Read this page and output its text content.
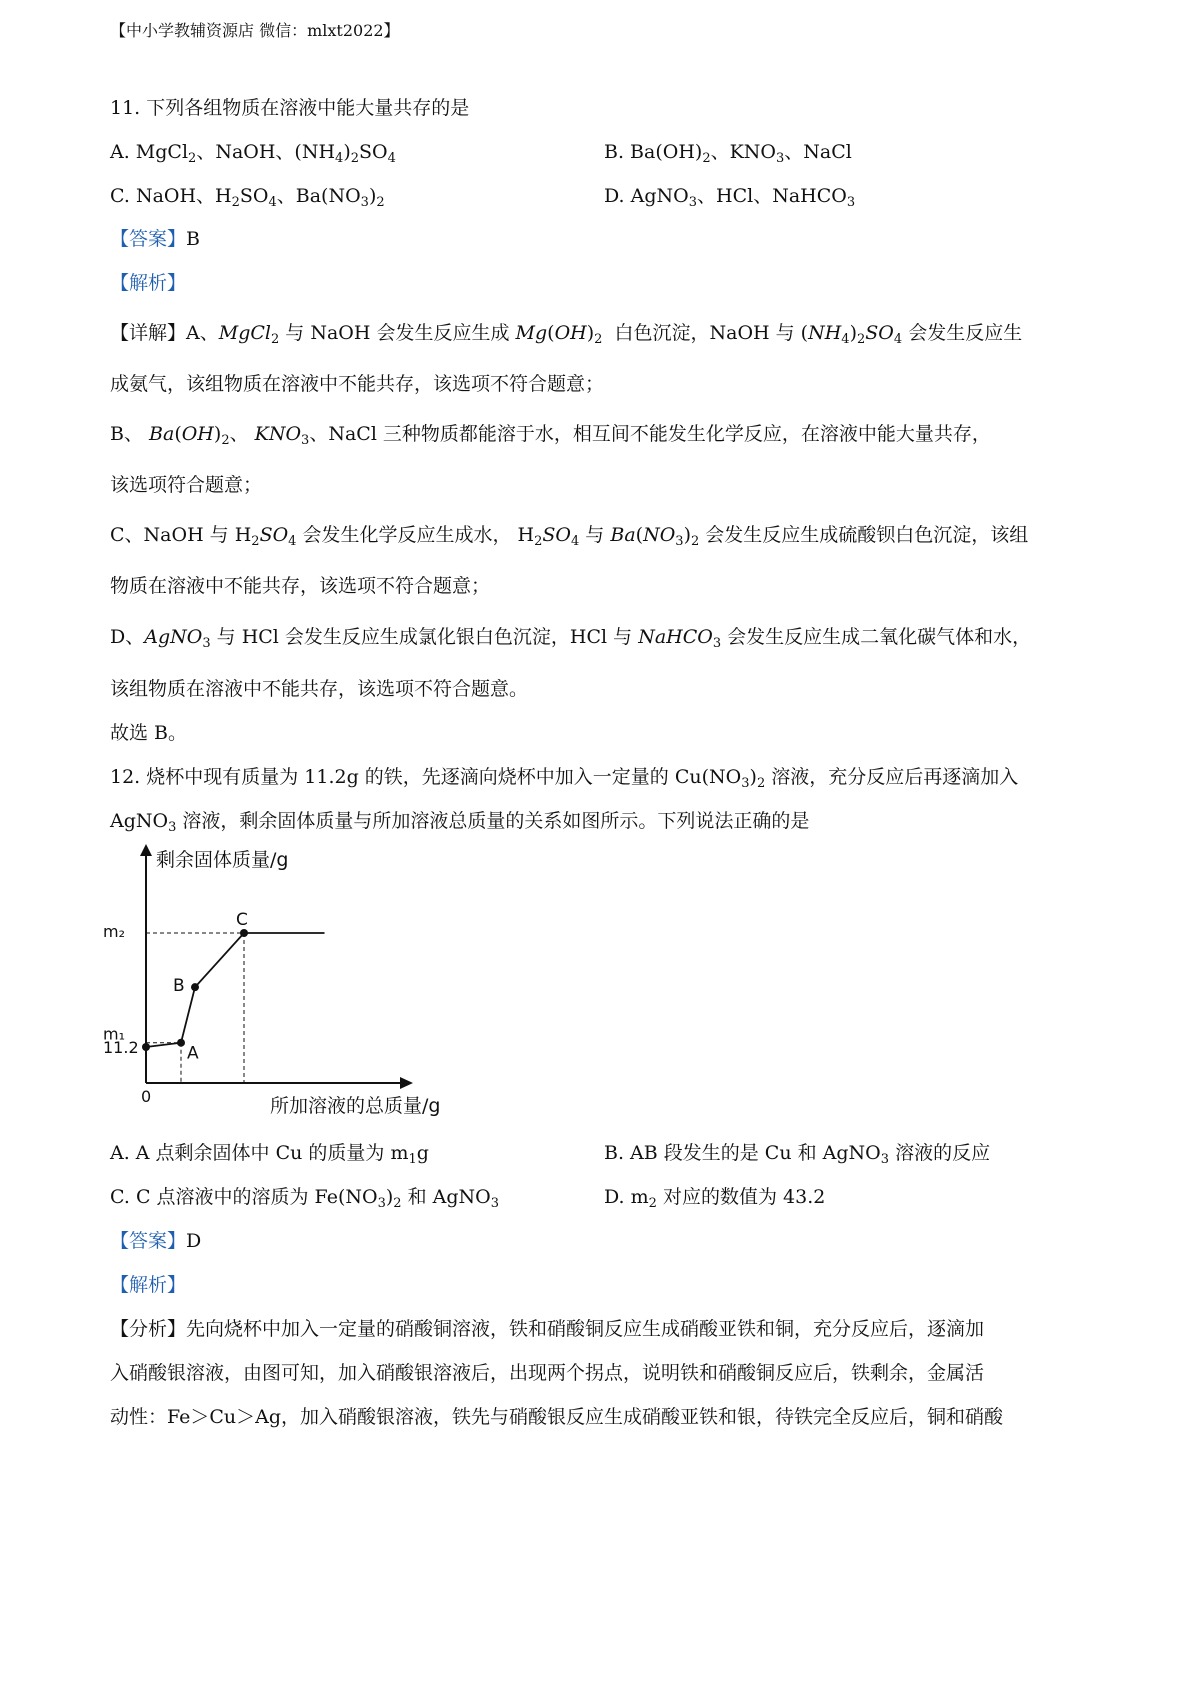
【中小学教辅资源店 微信：mlxt2022】
11. 下列各组物质在溶液中能大量共存的是
A. MgCl$_2$、NaOH、$(NH_4)_2SO_4$	B. $Ba(OH)_2$、$KNO_3$、NaCl
C. NaOH、$H_2SO_4$、$Ba(NO_3)_2$	D. AgNO$_3$、HCl、NaHCO$_3$
【答案】B
【解析】
【详解】A、MgCl$_2$ 与 NaOH 会发生反应生成 $Mg(OH)_2$  白色沉淀，NaOH 与 $(NH_4)_2SO_4$ 会发生反应生
成氨气，该组物质在溶液中不能共存，该选项不符合题意；
B、 $Ba(OH)_2$、 $KNO_3$、NaCl 三种物质都能溶于水，相互间不能发生化学反应，在溶液中能大量共存，
该选项符合题意；
C、NaOH 与 $H_2SO_4$ 会发生化学反应生成水， $H_2SO_4$ 与 $Ba(NO_3)_2$ 会发生反应生成硫酸钡白色沉淀，该组
物质在溶液中不能共存，该选项不符合题意；
D、AgNO$_3$ 与 HCl 会发生反应生成氯化银白色沉淀，HCl 与 NaHCO$_3$ 会发生反应生成二氧化碳气体和水，
该组物质在溶液中不能共存，该选项不符合题意。
故选 B。
12. 烧杯中现有质量为 11.2g 的铁，先逐滴向烧杯中加入一定量的 $Cu(NO_3)_2$ 溶液，充分反应后再逐滴加入
AgNO$_3$ 溶液，剩余固体质量与所加溶液总质量的关系如图所示。下列说法正确的是
剩余固体质量/g
所加溶液的总质量/g
0
11.2
m₁
m₂
A
B
C
A. A 点剩余固体中 Cu 的质量为 $m_1g$	B. AB 段发生的是 Cu 和 AgNO$_3$ 溶液的反应
C. C 点溶液中的溶质为 $Fe(NO_3)_2$ 和 AgNO$_3$	D. $m_2$ 对应的数值为 43.2
【答案】D
【解析】
【分析】先向烧杯中加入一定量的硝酸铜溶液，铁和硝酸铜反应生成硝酸亚铁和铜，充分反应后，逐滴加
入硝酸银溶液，由图可知，加入硝酸银溶液后，出现两个拐点，说明铁和硝酸铜反应后，铁剩余，金属活
动性：Fe＞Cu＞Ag，加入硝酸银溶液，铁先与硝酸银反应生成硝酸亚铁和银，待铁完全反应后，铜和硝酸
